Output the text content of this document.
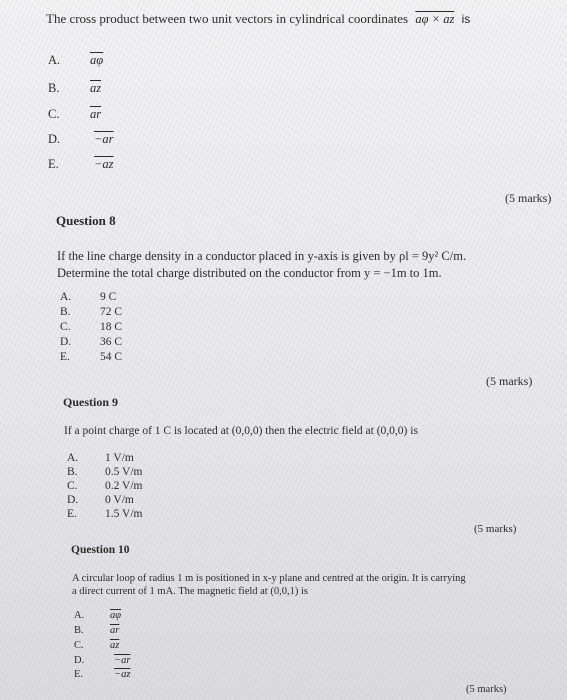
The cross product between two unit vectors in cylindrical coordinates aφ × az is
A. $\overline{a\varphi}$
B. $\overline{az}$
C. $\overline{ar}$
D.	−ar
E.	−az
(5 marks)
Question 8
If the line charge density in a conductor placed in y-axis is given by ρl = 9y² C/m.
Determine the total charge distributed on the conductor from y = −1m to 1m.
A.	9 C
B.	72 C
C.	18 C
D.	36 C
E.	54 C
(5 marks)
Question 9
If a point charge of 1 C is located at (0,0,0) then the electric field at (0,0,0) is
A. 1 V/m
B. 0.5 V/m
C. 0.2 V/m
D. 0 V/m
E. 1.5 V/m
(5 marks)
Question 10
A circular loop of radius 1 m is positioned in x-y plane and centred at the origin. It is carrying
a direct current of 1 mA. The magnetic field at (0,0,1) is
A. $\overline{a\varphi}$
B.	$\overline{ar}$
C.	$\overline{az}$
D.	−ar
E.	−az
(5 marks)
